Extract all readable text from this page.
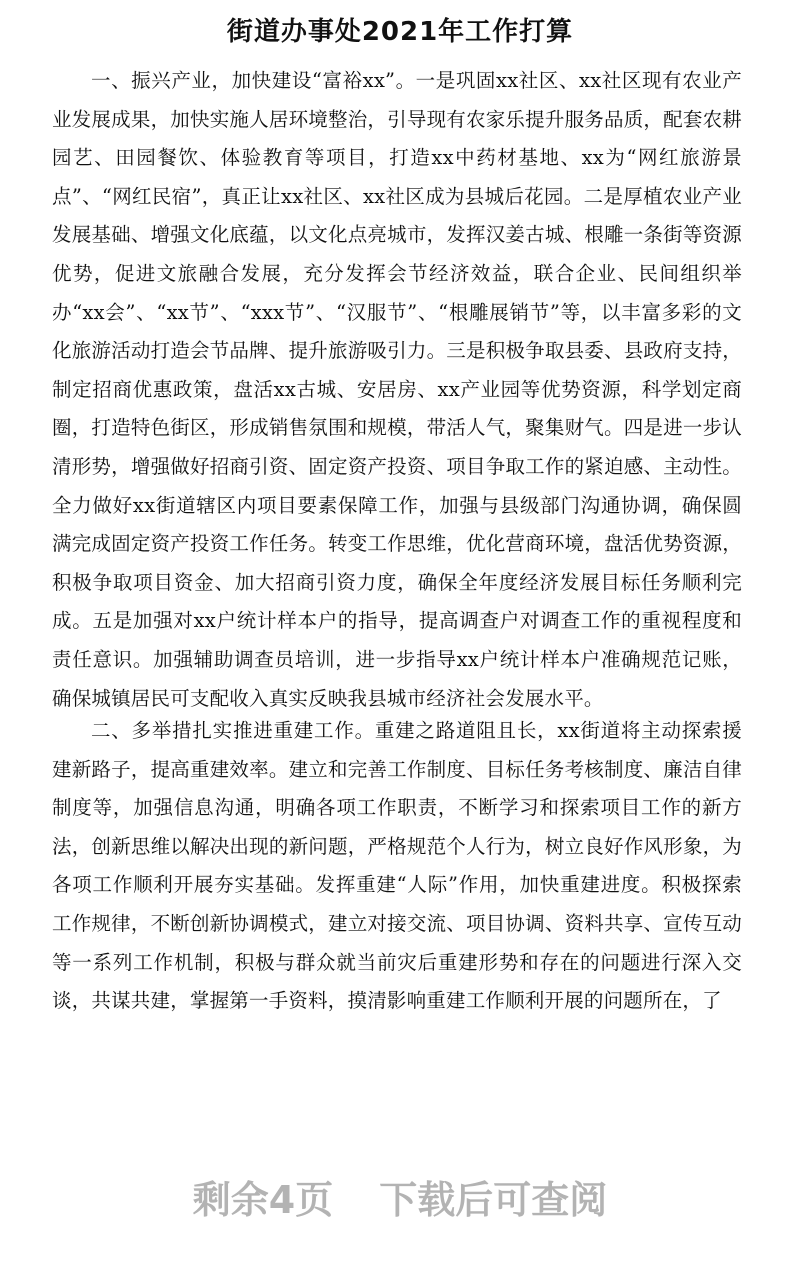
街道办事处2021年工作打算

一、振兴产业，加快建设“富裕xx”。一是巩固xx社区、xx社区现有农业产业发展成果，加快实施人居环境整治，引导现有农家乐提升服务品质，配套农耕园艺、田园餐饮、体验教育等项目，打造xx中药材基地、xx为“网红旅游景点”、“网红民宿”，真正让xx社区、xx社区成为县城后花园。二是厚植农业产业发展基础、增强文化底蕴，以文化点亮城市，发挥汉姜古城、根雕一条街等资源优势，促进文旅融合发展，充分发挥会节经济效益，联合企业、民间组织举办“xx会”、“xx节”、“xxx节”、“汉服节”、“根雕展销节”等，以丰富多彩的文化旅游活动打造会节品牌、提升旅游吸引力。三是积极争取县委、县政府支持，制定招商优惠政策，盘活xx古城、安居房、xx产业园等优势资源，科学划定商圈，打造特色街区，形成销售氛围和规模，带活人气，聚集财气。四是进一步认清形势，增强做好招商引资、固定资产投资、项目争取工作的紧迫感、主动性。全力做好xx街道辖区内项目要素保障工作，加强与县级部门沟通协调，确保圆满完成固定资产投资工作任务。转变工作思维，优化营商环境，盘活优势资源，积极争取项目资金、加大招商引资力度，确保全年度经济发展目标任务顺利完成。五是加强对xx户统计样本户的指导，提高调查户对调查工作的重视程度和责任意识。加强辅助调查员培训，进一步指导xx户统计样本户准确规范记账，确保城镇居民可支配收入真实反映我县城市经济社会发展水平。

二、多举措扎实推进重建工作。重建之路道阻且长，xx街道将主动探索援建新路子，提高重建效率。建立和完善工作制度、目标任务考核制度、廉洁自律制度等，加强信息沟通，明确各项工作职责，不断学习和探索项目工作的新方法，创新思维以解决出现的新问题，严格规范个人行为，树立良好作风形象，为各项工作顺利开展夯实基础。发挥重建“人际”作用，加快重建进度。积极探索工作规律，不断创新协调模式，建立对接交流、项目协调、资料共享、宣传互动等一系列工作机制，积极与群众就当前灾后重建形势和存在的问题进行深入交谈，共谋共建，掌握第一手资料，摸清影响重建工作顺利开展的问题所在，了

剩余4页 下载后可查阅
